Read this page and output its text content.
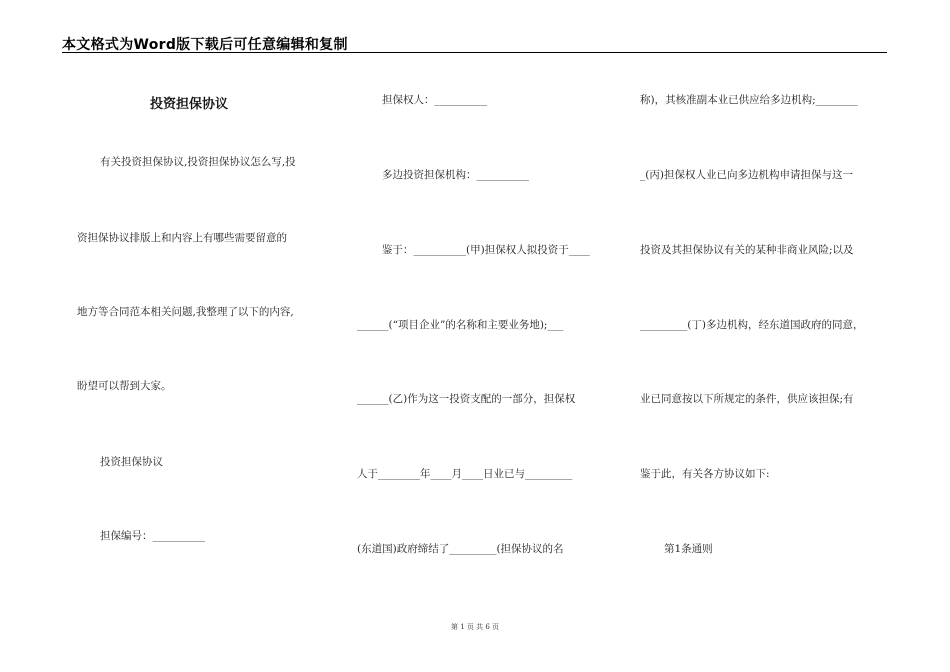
本文格式为Word版下载后可任意编辑和复制
投资担保协议
有关投资担保协议,投资担保协议怎么写,投
资担保协议排版上和内容上有哪些需要留意的
地方等合同范本相关问题,我整理了以下的内容,
盼望可以帮到大家。
投资担保协议
担保编号：__________
担保权人：__________
多边投资担保机构：__________
鉴于：__________(甲)担保权人拟投资于____
______(“项目企业”的名称和主要业务地);___
______(乙)作为这一投资支配的一部分，担保权
人于________年____月____日业已与_________
(东道国)政府缔结了_________(担保协议的名
称)，其核准副本业已供应给多边机构;________
_(丙)担保权人业已向多边机构申请担保与这一
投资及其担保协议有关的某种非商业风险;以及
_________(丁)多边机构，经东道国政府的同意，
业已同意按以下所规定的条件，供应该担保;有
鉴于此，有关各方协议如下:
第1条通则
第 1 页 共 6 页
